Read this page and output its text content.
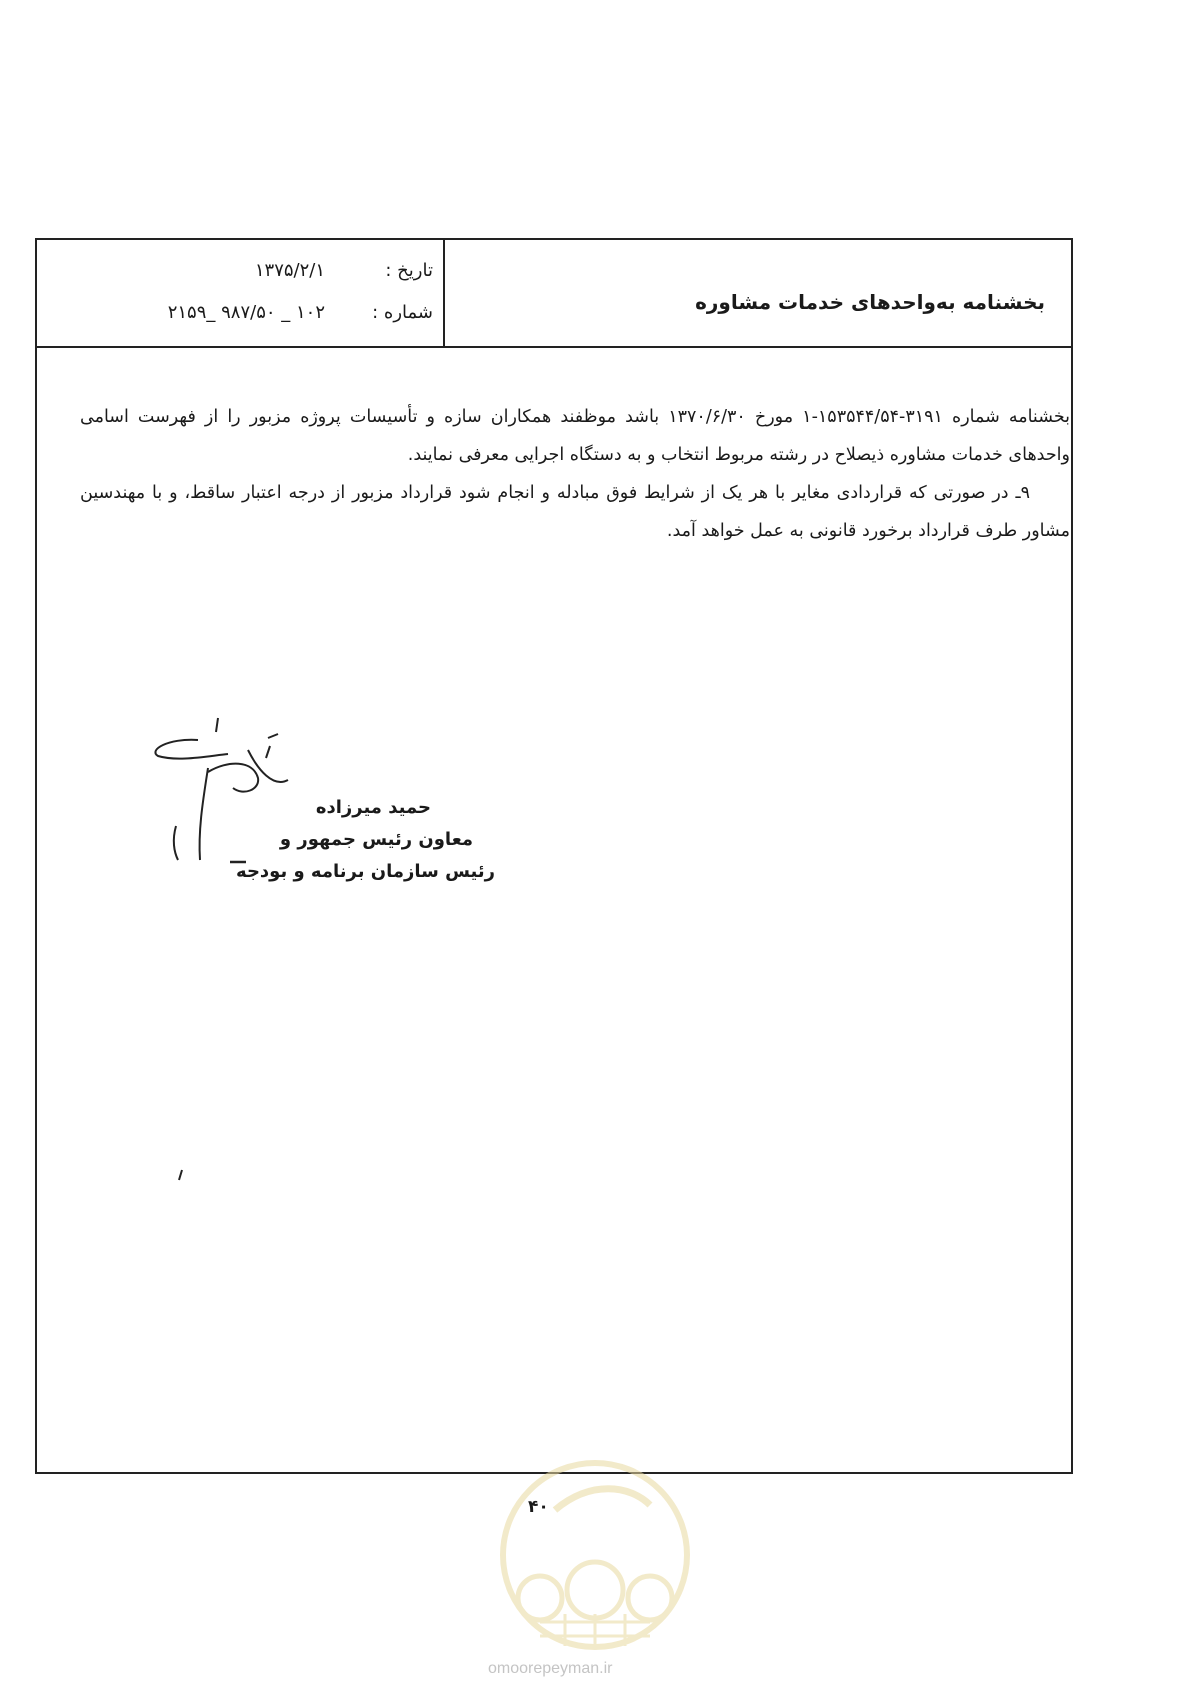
بخشنامه به‌واحدهای خدمات مشاوره
تاریخ :
۱۳۷۵/۲/۱
شماره :
۱۰۲ _ ۹۸۷/۵۰ _۲۱۵۹

بخشنامه شماره ۳۱۹۱-۱۵۳۵۴۴/۵۴-۱ مورخ ۱۳۷۰/۶/۳۰ باشد موظفند همکاران سازه و تأسیسات پروژه مزبور را از فهرست اسامی واحدهای خدمات مشاوره ذیصلاح در رشته مربوط انتخاب و به دستگاه اجرایی معرفی نمایند.

۹ـ در صورتی که قراردادی مغایر با هر یک از شرایط فوق مبادله و انجام شود قرارداد مزبور از درجه اعتبار ساقط، و با مهندسین مشاور طرف قرارداد برخورد قانونی به عمل خواهد آمد.

حمید میرزاده
معاون رئیس جمهور و
رئیس سازمان برنامه و بودجه
۴۰
omoorepeyman.ir
